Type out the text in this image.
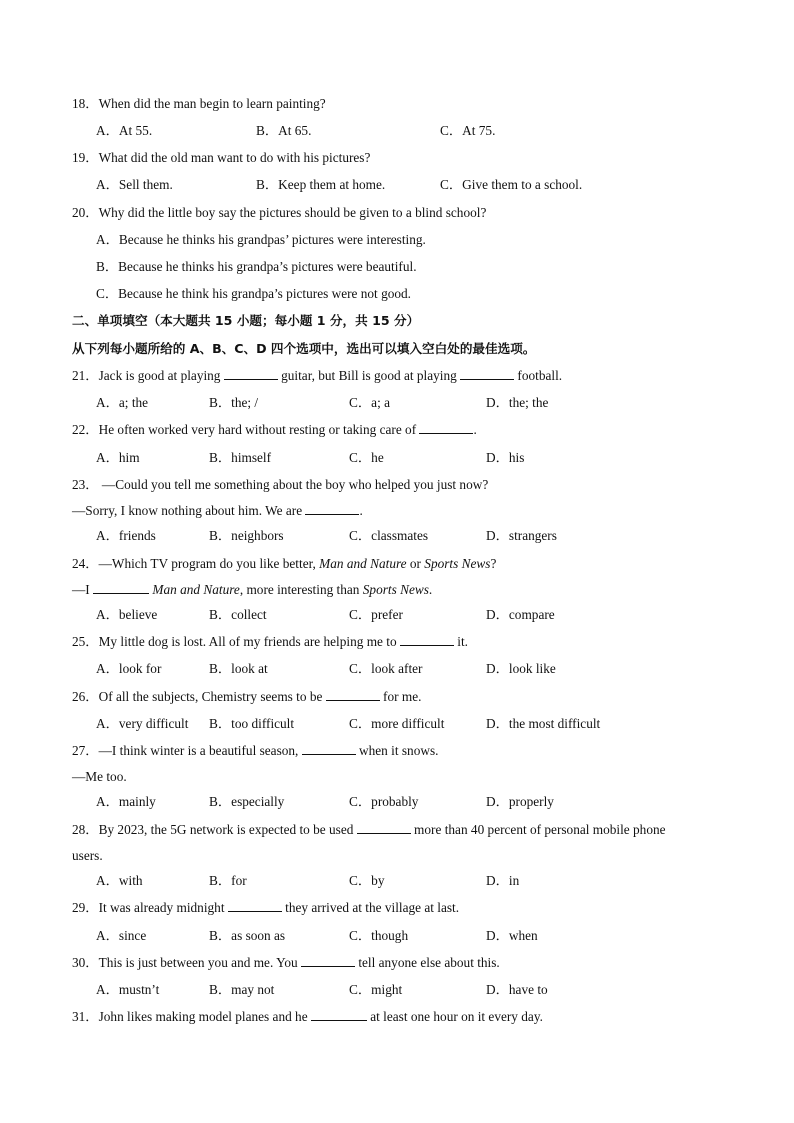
18．When did the man begin to learn painting?
A．At 55.	B．At 65.	C．At 75.
19．What did the old man want to do with his pictures?
A．Sell them.	B．Keep them at home.	C．Give them to a school.
20．Why did the little boy say the pictures should be given to a blind school?
A．Because he thinks his grandpas’ pictures were interesting.
B．Because he thinks his grandpa’s pictures were beautiful.
C．Because he think his grandpa’s pictures were not good.
二、单项填空（本大题共 15 小题；每小题 1 分，共 15 分）
从下列每小题所给的 A、B、C、D 四个选项中，选出可以填入空白处的最佳选项。
21．Jack is good at playing	guitar, but Bill is good at playing	football.
A．a; the	B．the; /	C．a; a	D．the; the
22．He often worked very hard without resting or taking care of	.
A．him	B．himself	C．he	D．his
23． —Could you tell me something about the boy who helped you just now?
—Sorry, I know nothing about him. We are	.
A．friends	B．neighbors	C．classmates	D．strangers
24．—Which TV program do you like better, Man and Nature or Sports News?
—I	Man and Nature, more interesting than Sports News.
A．believe	B．collect	C．prefer	D．compare
25．My little dog is lost. All of my friends are helping me to	it.
A．look for	B．look at	C．look after	D．look like
26．Of all the subjects, Chemistry seems to be	for me.
A．very difficult B．too difficult	C．more difficult	D．the most difficult
27．—I think winter is a beautiful season,	when it snows.
—Me too.
A．mainly	B．especially	C．probably	D．properly
28．By 2023, the 5G network is expected to be used	more than 40 percent of personal mobile phone
users.
A．with	B．for	C．by	D．in
29．It was already midnight	they arrived at the village at last.
A．since	B．as soon as	C．though	D．when
30．This is just between you and me. You	tell anyone else about this.
A．mustn’t	B．may not	C．might	D．have to
31．John likes making model planes and he	at least one hour on it every day.
